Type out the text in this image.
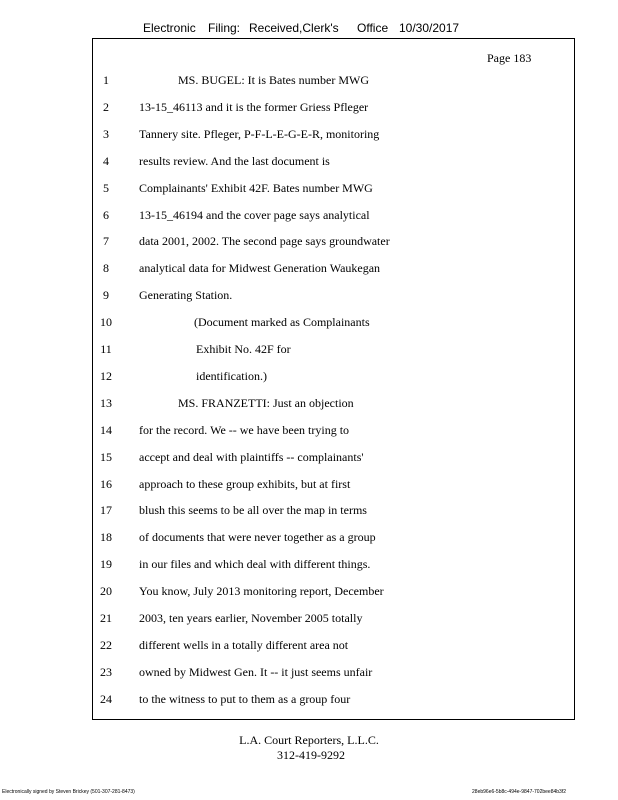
Electronic Filing: Received,Clerk's Office 10/30/2017
Page 183
1	MS. BUGEL: It is Bates number MWG
2	13-15_46113 and it is the former Griess Pfleger
3	Tannery site. Pfleger, P-F-L-E-G-E-R, monitoring
4	results review. And the last document is
5	Complainants' Exhibit 42F. Bates number MWG
6	13-15_46194 and the cover page says analytical
7	data 2001, 2002. The second page says groundwater
8	analytical data for Midwest Generation Waukegan
9	Generating Station.
10	(Document marked as Complainants
11	Exhibit No. 42F for
12	identification.)
13	MS. FRANZETTI: Just an objection
14	for the record. We -- we have been trying to
15	accept and deal with plaintiffs -- complainants'
16	approach to these group exhibits, but at first
17	blush this seems to be all over the map in terms
18	of documents that were never together as a group
19	in our files and which deal with different things.
20	You know, July 2013 monitoring report, December
21	2003, ten years earlier, November 2005 totally
22	different wells in a totally different area not
23	owned by Midwest Gen. It -- it just seems unfair
24	to the witness to put to them as a group four
L.A. Court Reporters, L.L.C.
312-419-9292
Electronically signed by Steven Brickey (501-307-281-8473)	28eb96e6-5b8c-494e-9847-702bee84b3f2
